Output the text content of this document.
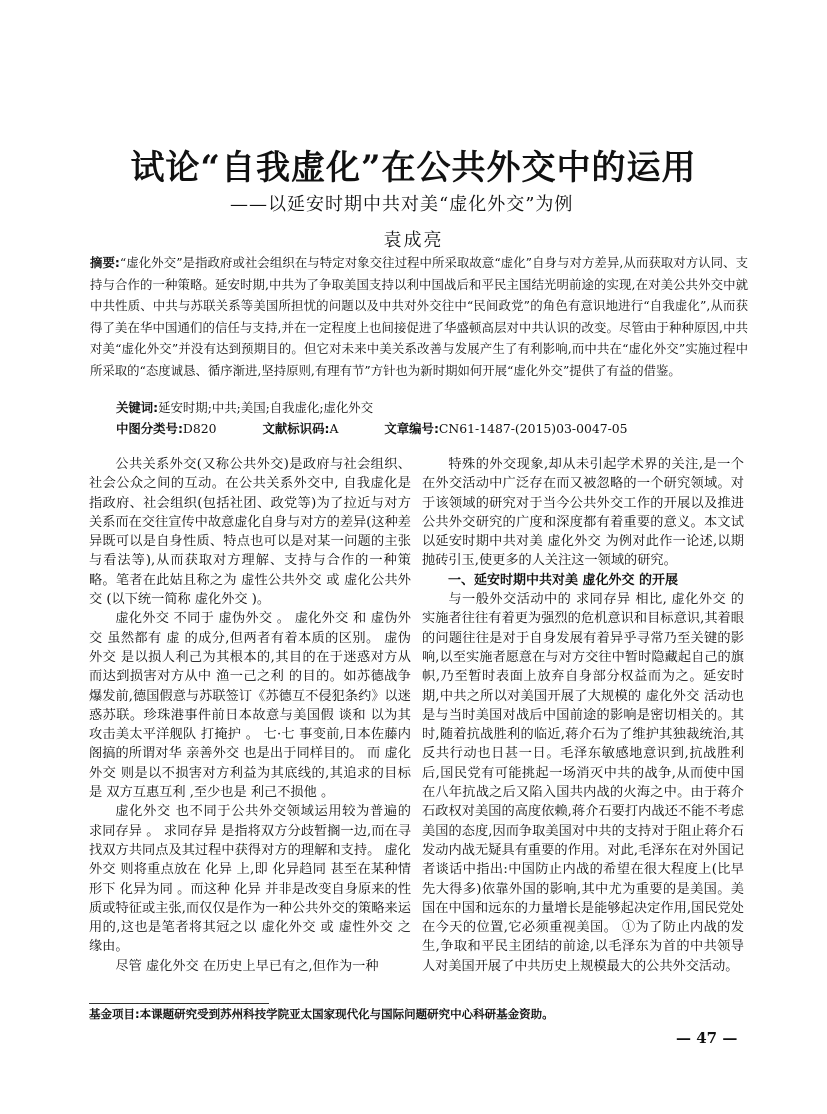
试论“自我虚化”在公共外交中的运用
——以延安时期中共对美“虚化外交”为例
袁成亮
摘要:“虚化外交”是指政府或社会组织在与特定对象交往过程中所采取故意“虚化”自身与对方差异,从而获取对方认同、支持与合作的一种策略。延安时期,中共为了争取美国支持以利中国战后和平民主国结光明前途的实现,在对美公共外交中就中共性质、中共与苏联关系等美国所担忧的问题以及中共对外交往中“民间政党”的角色有意识地进行“自我虚化”,从而获得了美在华中国通们的信任与支持,并在一定程度上也间接促进了华盛顿高层对中共认识的改变。尽管由于种种原因,中共对美“虚化外交”并没有达到预期目的。但它对未来中美关系改善与发展产生了有利影响,而中共在“虚化外交”实施过程中所采取的“态度诚恳、循序渐进,坚持原则,有理有节”方针也为新时期如何开展“虚化外交”提供了有益的借鉴。
关键词:延安时期;中共;美国;自我虚化;虚化外交
中图分类号:D820	文献标识码:A	文章编号:CN61-1487-(2015)03-0047-05

公共关系外交(又称公共外交)是政府与社会组织、社会公众之间的互动。在公共关系外交中, 自我虚化是指政府、社会组织(包括社团、政党等)为了拉近与对方关系而在交往宣传中故意虚化自身与对方的差异(这种差异既可以是自身性质、特点也可以是对某一问题的主张与看法等),从而获取对方理解、支持与合作的一种策略。笔者在此姑且称之为 虚性公共外交 或 虚化公共外交 (以下统一简称 虚化外交 )。

虚化外交 不同于 虚伪外交 。 虚化外交 和 虚伪外交 虽然都有 虚 的成分,但两者有着本质的区别。 虚伪外交 是以损人利己为其根本的,其目的在于迷惑对方从而达到损害对方从中 渔一己之利 的目的。如苏德战争爆发前,德国假意与苏联签订《苏德互不侵犯条约》以迷惑苏联。珍珠港事件前日本故意与美国假 谈和 以为其攻击美太平洋舰队 打掩护 。 七·七 事变前,日本佐藤内阁搞的所谓对华 亲善外交 也是出于同样目的。 而 虚化外交 则是以不损害对方利益为其底线的,其追求的目标是 双方互惠互利 ,至少也是 利己不损他 。

虚化外交 也不同于公共外交领域运用较为普遍的 求同存异 。 求同存异 是指将双方分歧暂搁一边,而在寻找双方共同点及其过程中获得对方的理解和支持。 虚化外交 则将重点放在 化异 上,即 化异趋同 甚至在某种情形下 化异为同 。而这种 化异 并非是改变自身原来的性质或特征或主张,而仅仅是作为一种公共外交的策略来运用的,这也是笔者将其冠之以 虚化外交 或 虚性外交 之缘由。

尽管 虚化外交 在历史上早已有之,但作为一种

特殊的外交现象,却从未引起学术界的关注,是一个在外交活动中广泛存在而又被忽略的一个研究领域。对于该领域的研究对于当今公共外交工作的开展以及推进公共外交研究的广度和深度都有着重要的意义。本文试以延安时期中共对美 虚化外交 为例对此作一论述,以期抛砖引玉,使更多的人关注这一领域的研究。

一、延安时期中共对美 虚化外交 的开展

与一般外交活动中的 求同存异 相比, 虚化外交 的实施者往往有着更为强烈的危机意识和目标意识,其着眼的问题往往是对于自身发展有着异乎寻常乃至关键的影响,以至实施者愿意在与对方交往中暂时隐藏起自己的旗帜,乃至暂时表面上放弃自身部分权益而为之。延安时期,中共之所以对美国开展了大规模的 虚化外交 活动也是与当时美国对战后中国前途的影响是密切相关的。其时,随着抗战胜利的临近,蒋介石为了维护其独裁统治,其反共行动也日甚一日。毛泽东敏感地意识到,抗战胜利后,国民党有可能挑起一场消灭中共的战争,从而使中国在八年抗战之后又陷入国共内战的火海之中。由于蒋介石政权对美国的高度依赖,蒋介石要打内战还不能不考虑美国的态度,因而争取美国对中共的支持对于阻止蒋介石发动内战无疑具有重要的作用。对此,毛泽东在对外国记者谈话中指出:中国防止内战的希望在很大程度上(比早先大得多)依靠外国的影响,其中尤为重要的是美国。美国在中国和远东的力量增长是能够起决定作用,国民党处在今天的位置,它必须重视美国。 ①为了防止内战的发生,争取和平民主团结的前途,以毛泽东为首的中共领导人对美国开展了中共历史上规模最大的公共外交活动。

基金项目:本课题研究受到苏州科技学院亚太国家现代化与国际问题研究中心科研基金资助。
— 47 —
